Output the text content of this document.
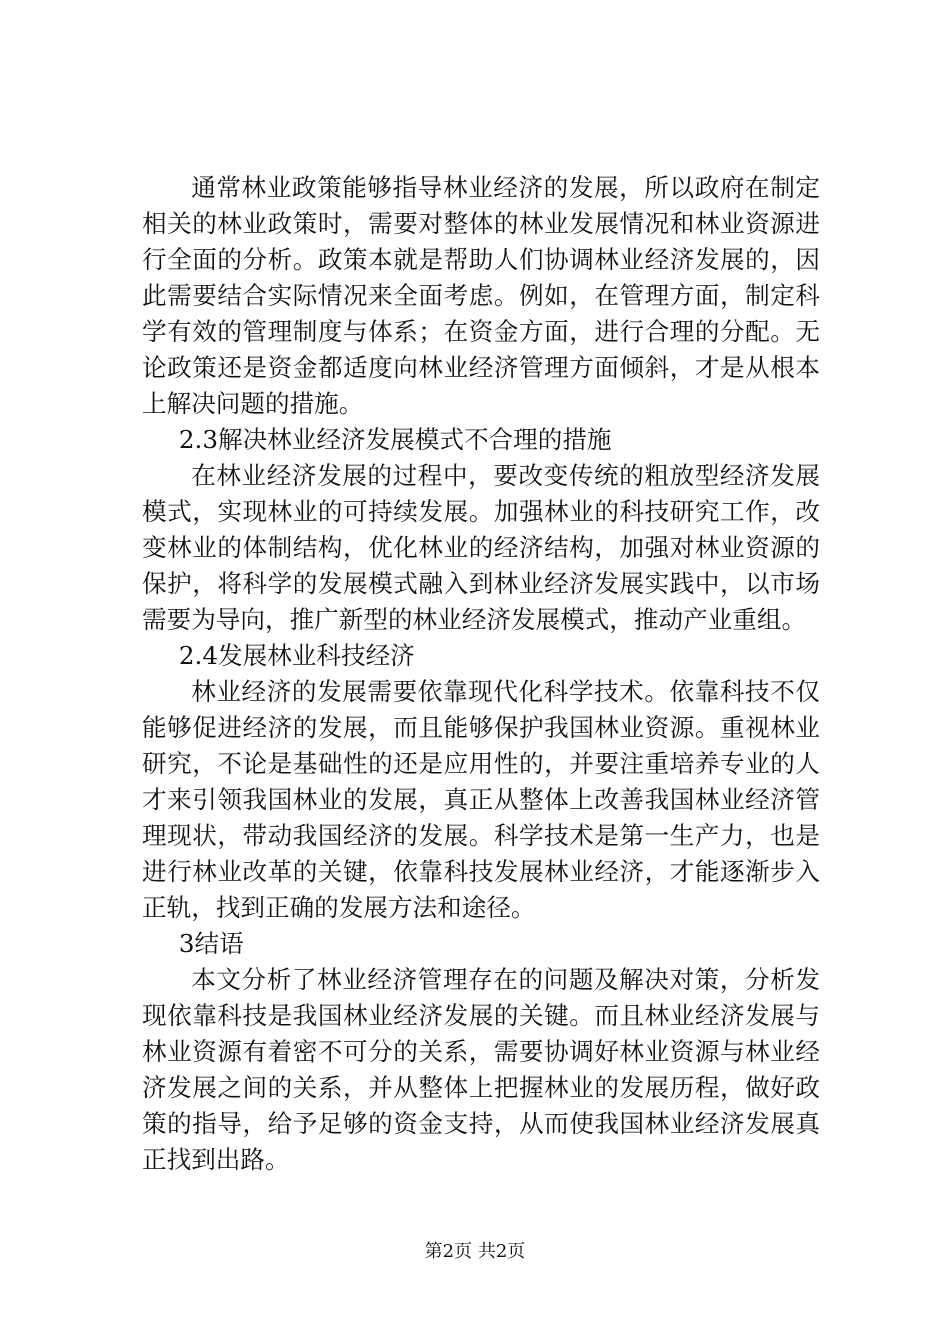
通常林业政策能够指导林业经济的发展，所以政府在制定相关的林业政策时，需要对整体的林业发展情况和林业资源进行全面的分析。政策本就是帮助人们协调林业经济发展的，因此需要结合实际情况来全面考虑。例如，在管理方面，制定科学有效的管理制度与体系；在资金方面，进行合理的分配。无论政策还是资金都适度向林业经济管理方面倾斜，才是从根本上解决问题的措施。

2.3解决林业经济发展模式不合理的措施

在林业经济发展的过程中，要改变传统的粗放型经济发展模式，实现林业的可持续发展。加强林业的科技研究工作，改变林业的体制结构，优化林业的经济结构，加强对林业资源的保护，将科学的发展模式融入到林业经济发展实践中，以市场需要为导向，推广新型的林业经济发展模式，推动产业重组。

2.4发展林业科技经济

林业经济的发展需要依靠现代化科学技术。依靠科技不仅能够促进经济的发展，而且能够保护我国林业资源。重视林业研究，不论是基础性的还是应用性的，并要注重培养专业的人才来引领我国林业的发展，真正从整体上改善我国林业经济管理现状，带动我国经济的发展。科学技术是第一生产力，也是进行林业改革的关键，依靠科技发展林业经济，才能逐渐步入正轨，找到正确的发展方法和途径。

3结语

本文分析了林业经济管理存在的问题及解决对策，分析发现依靠科技是我国林业经济发展的关键。而且林业经济发展与林业资源有着密不可分的关系，需要协调好林业资源与林业经济发展之间的关系，并从整体上把握林业的发展历程，做好政策的指导，给予足够的资金支持，从而使我国林业经济发展真正找到出路。

第2页 共2页
